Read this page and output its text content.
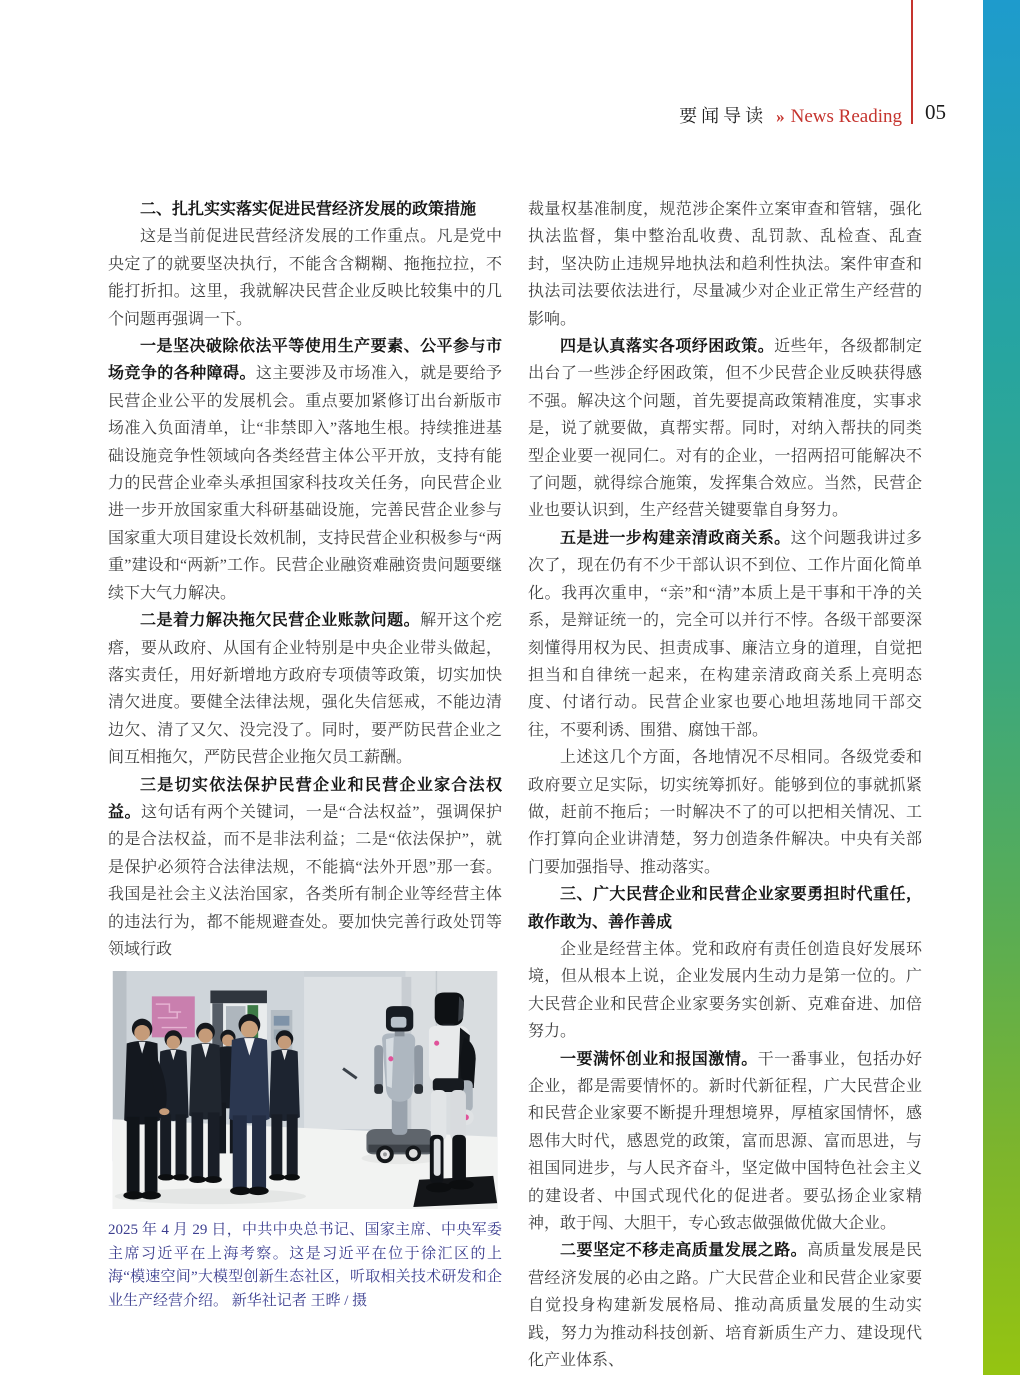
要闻导读 » News Reading 05

二、扎扎实实落实促进民营经济发展的政策措施

这是当前促进民营经济发展的工作重点。凡是党中央定了的就要坚决执行，不能含含糊糊、拖拖拉拉，不能打折扣。这里，我就解决民营企业反映比较集中的几个问题再强调一下。

一是坚决破除依法平等使用生产要素、公平参与市场竞争的各种障碍。这主要涉及市场准入，就是要给予民营企业公平的发展机会。重点要加紧修订出台新版市场准入负面清单，让“非禁即入”落地生根。持续推进基础设施竞争性领域向各类经营主体公平开放，支持有能力的民营企业牵头承担国家科技攻关任务，向民营企业进一步开放国家重大科研基础设施，完善民营企业参与国家重大项目建设长效机制，支持民营企业积极参与“两重”建设和“两新”工作。民营企业融资难融资贵问题要继续下大气力解决。

二是着力解决拖欠民营企业账款问题。解开这个疙瘩，要从政府、从国有企业特别是中央企业带头做起，落实责任，用好新增地方政府专项债等政策，切实加快清欠进度。要健全法律法规，强化失信惩戒，不能边清边欠、清了又欠、没完没了。同时，要严防民营企业之间互相拖欠，严防民营企业拖欠员工薪酬。

三是切实依法保护民营企业和民营企业家合法权益。这句话有两个关键词，一是“合法权益”，强调保护的是合法权益，而不是非法利益；二是“依法保护”，就是保护必须符合法律法规，不能搞“法外开恩”那一套。我国是社会主义法治国家，各类所有制企业等经营主体的违法行为，都不能规避查处。要加快完善行政处罚等领域行政

2025 年 4 月 29 日，中共中央总书记、国家主席、中央军委主席习近平在上海考察。这是习近平在位于徐汇区的上海“模速空间”大模型创新生态社区，听取相关技术研发和企业生产经营介绍。 新华社记者 王晔 / 摄

裁量权基准制度，规范涉企案件立案审查和管辖，强化执法监督，集中整治乱收费、乱罚款、乱检查、乱查封，坚决防止违规异地执法和趋利性执法。案件审查和执法司法要依法进行，尽量减少对企业正常生产经营的影响。

四是认真落实各项纾困政策。近些年，各级都制定出台了一些涉企纾困政策，但不少民营企业反映获得感不强。解决这个问题，首先要提高政策精准度，实事求是，说了就要做，真帮实帮。同时，对纳入帮扶的同类型企业要一视同仁。对有的企业，一招两招可能解决不了问题，就得综合施策，发挥集合效应。当然，民营企业也要认识到，生产经营关键要靠自身努力。

五是进一步构建亲清政商关系。这个问题我讲过多次了，现在仍有不少干部认识不到位、工作片面化简单化。我再次重申，“亲”和“清”本质上是干事和干净的关系，是辩证统一的，完全可以并行不悖。各级干部要深刻懂得用权为民、担责成事、廉洁立身的道理，自觉把担当和自律统一起来，在构建亲清政商关系上亮明态度、付诸行动。民营企业家也要心地坦荡地同干部交往，不要利诱、围猎、腐蚀干部。

上述这几个方面，各地情况不尽相同。各级党委和政府要立足实际，切实统筹抓好。能够到位的事就抓紧做，赶前不拖后；一时解决不了的可以把相关情况、工作打算向企业讲清楚，努力创造条件解决。中央有关部门要加强指导、推动落实。

三、广大民营企业和民营企业家要勇担时代重任，敢作敢为、善作善成

企业是经营主体。党和政府有责任创造良好发展环境，但从根本上说，企业发展内生动力是第一位的。广大民营企业和民营企业家要务实创新、克难奋进、加倍努力。

一要满怀创业和报国激情。干一番事业，包括办好企业，都是需要情怀的。新时代新征程，广大民营企业和民营企业家要不断提升理想境界，厚植家国情怀，感恩伟大时代，感恩党的政策，富而思源、富而思进，与祖国同进步，与人民齐奋斗，坚定做中国特色社会主义的建设者、中国式现代化的促进者。要弘扬企业家精神，敢于闯、大胆干，专心致志做强做优做大企业。

二要坚定不移走高质量发展之路。高质量发展是民营经济发展的必由之路。广大民营企业和民营企业家要自觉投身构建新发展格局、推动高质量发展的生动实践，努力为推动科技创新、培育新质生产力、建设现代化产业体系、
